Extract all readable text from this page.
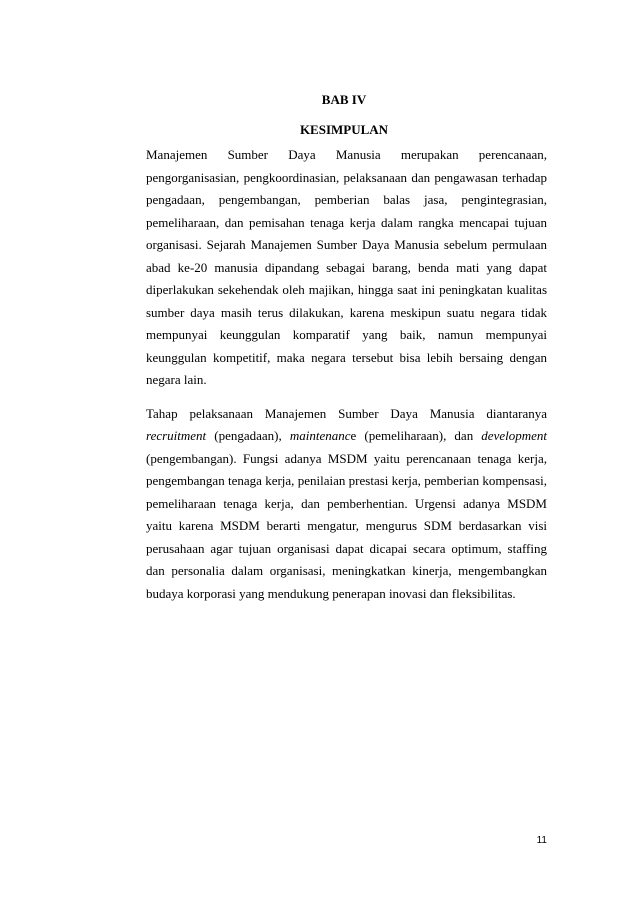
BAB IV
KESIMPULAN

Manajemen Sumber Daya Manusia merupakan perencanaan, pengorganisasian, pengkoordinasian, pelaksanaan dan pengawasan terhadap pengadaan, pengembangan, pemberian balas jasa, pengintegrasian, pemeliharaan, dan pemisahan tenaga kerja dalam rangka mencapai tujuan organisasi. Sejarah Manajemen Sumber Daya Manusia sebelum permulaan abad ke-20 manusia dipandang sebagai barang, benda mati yang dapat diperlakukan sekehendak oleh majikan, hingga saat ini peningkatan kualitas sumber daya masih terus dilakukan, karena meskipun suatu negara tidak mempunyai keunggulan komparatif yang baik, namun mempunyai keunggulan kompetitif, maka negara tersebut bisa lebih bersaing dengan negara lain.

Tahap pelaksanaan Manajemen Sumber Daya Manusia diantaranya recruitment (pengadaan), maintenance (pemeliharaan), dan development (pengembangan). Fungsi adanya MSDM yaitu perencanaan tenaga kerja, pengembangan tenaga kerja, penilaian prestasi kerja, pemberian kompensasi, pemeliharaan tenaga kerja, dan pemberhentian. Urgensi adanya MSDM yaitu karena MSDM berarti mengatur, mengurus SDM berdasarkan visi perusahaan agar tujuan organisasi dapat dicapai secara optimum, staffing dan personalia dalam organisasi, meningkatkan kinerja, mengembangkan budaya korporasi yang mendukung penerapan inovasi dan fleksibilitas.

11
